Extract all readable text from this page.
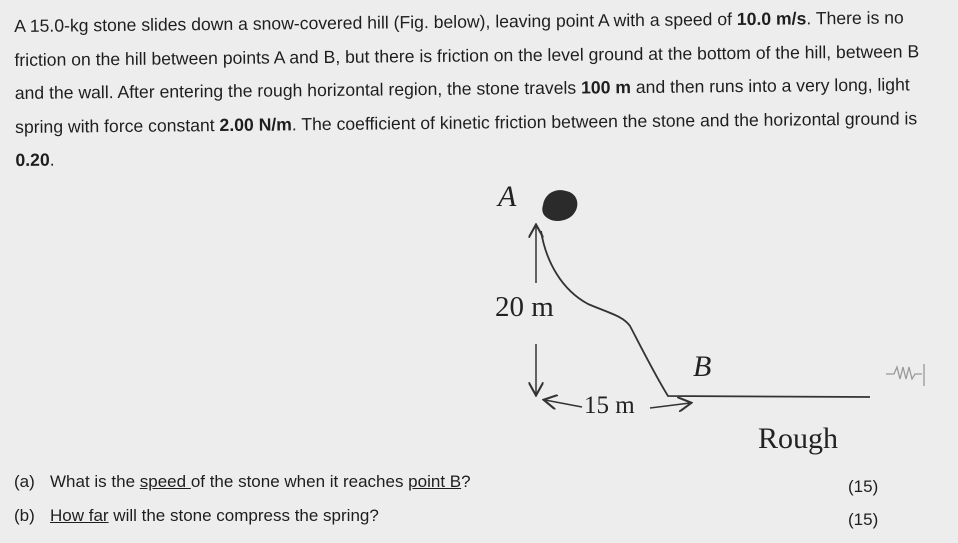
A 15.0-kg stone slides down a snow-covered hill (Fig. below), leaving point A with a speed of 10.0 m/s. There is no friction on the hill between points A and B, but there is friction on the level ground at the bottom of the hill, between B and the wall. After entering the rough horizontal region, the stone travels 100 m and then runs into a very long, light spring with force constant 2.00 N/m. The coefficient of kinetic friction between the stone and the horizontal ground is 0.20.

A
20 m
15 m
B
Rough

(a) What is the speed of the stone when it reaches point B?	(15)

(b) How far will the stone compress the spring?	(15)
